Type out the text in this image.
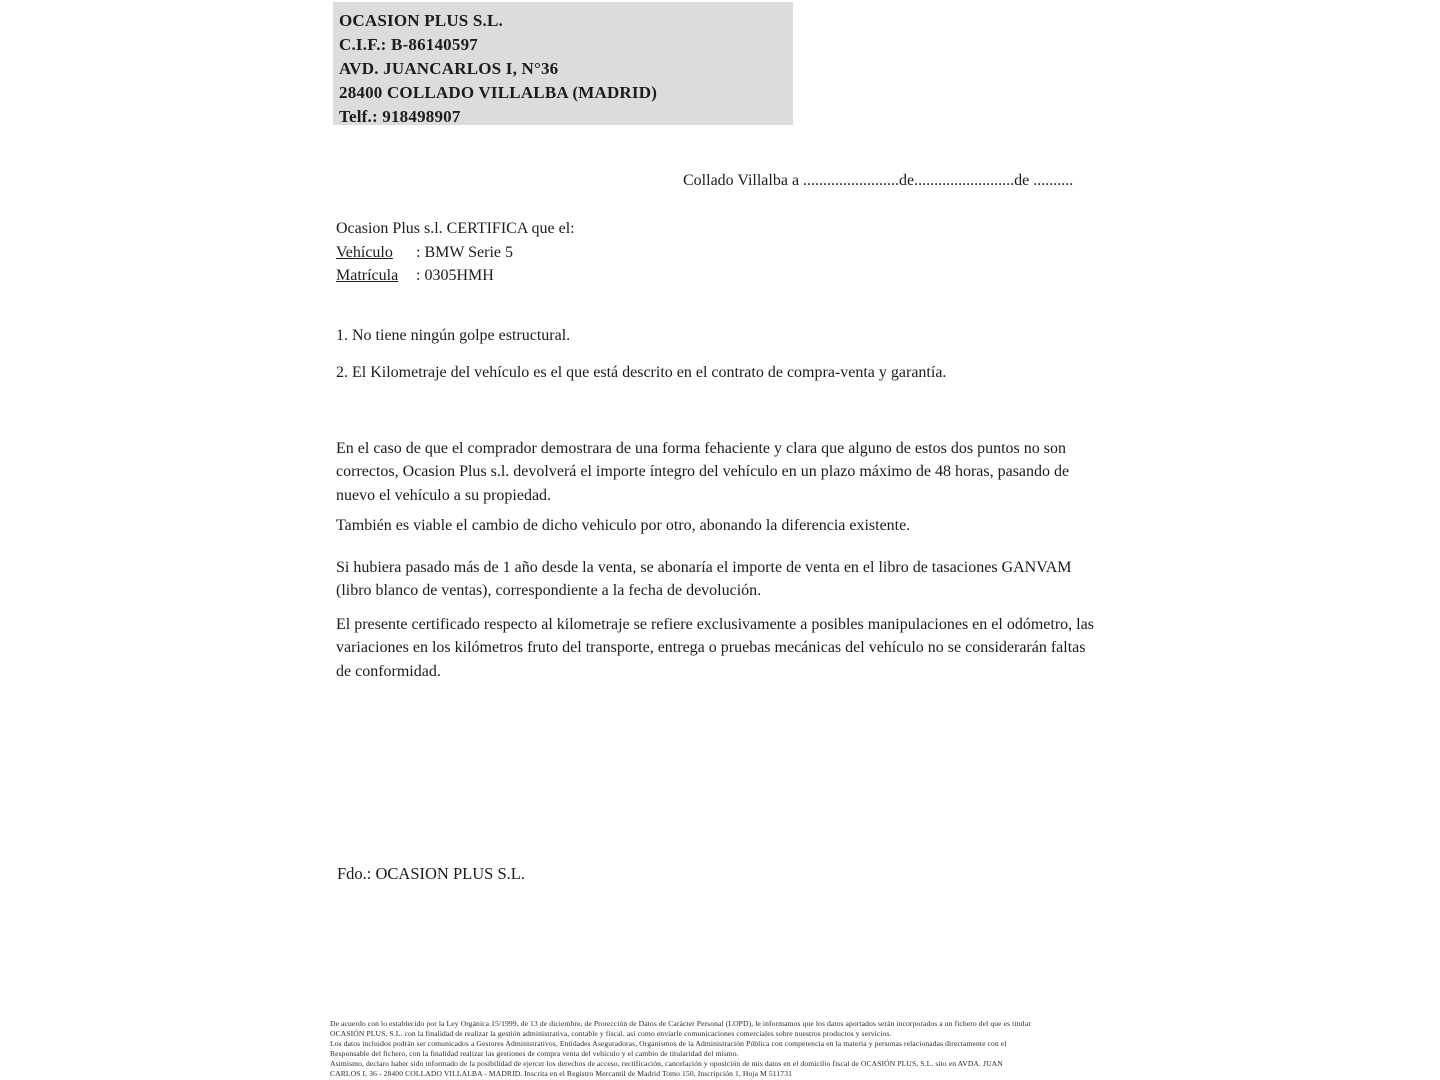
OCASION PLUS S.L.
C.I.F.: B-86140597
AVD. JUANCARLOS I, N°36
28400 COLLADO VILLALBA (MADRID)
Telf.: 918498907
Collado Villalba a ........................de.........................de ..........
Ocasion Plus s.l. CERTIFICA que el:
Vehículo : BMW Serie 5
Matrícula : 0305HMH
1. No tiene ningún golpe estructural.
2. El Kilometraje del vehículo es el que está descrito en el contrato de compra-venta y garantía.
En el caso de que el comprador demostrara de una forma fehaciente y clara que alguno de estos dos puntos no son correctos, Ocasion Plus s.l. devolverá el importe íntegro del vehículo en un plazo máximo de 48 horas, pasando de nuevo el vehículo a su propiedad.
También es viable el cambio de dicho vehiculo por otro, abonando la diferencia existente.
Si hubiera pasado más de 1 año desde la venta, se abonaría el importe de venta en el libro de tasaciones GANVAM (libro blanco de ventas), correspondiente a la fecha de devolución.
El presente certificado respecto al kilometraje se refiere exclusivamente a posibles manipulaciones en el odómetro, las variaciones en los kilómetros fruto del transporte, entrega o pruebas mecánicas del vehículo no se considerarán faltas de conformidad.
Fdo.: OCASION PLUS S.L.
De acuerdo con lo establecido por la Ley Orgánica 15/1999, de 13 de diciembre, de Protección de Datos de Carácter Personal (LOPD), le informamos que los datos aportados serán incorporados a un fichero del que es titular
OCASIÓN PLUS, S.L. con la finalidad de realizar la gestión administrativa, contable y fiscal, así como enviarle comunicaciones comerciales sobre nuestros productos y servicios.
Los datos incluidos podrán ser comunicados a Gestores Administrativos, Entidades Aseguradoras, Organismos de la Administración Pública con competencia en la materia y personas relacionadas directamente con el
Responsable del fichero, con la finalidad realizar las gestiones de compra venta del vehículo y el cambio de titularidad del mismo.
Asimismo, declaro haber sido informado de la posibilidad de ejercer los derechos de acceso, rectificación, cancelación y oposición de mis datos en el domicilio fiscal de OCASIÓN PLUS, S.L. sito en AVDA. JUAN
CARLOS I, 36 - 28400 COLLADO VILLALBA - MADRID. Inscrita en el Registro Mercantil de Madrid Tomo 150, Inscripción 1, Hoja M 511731
